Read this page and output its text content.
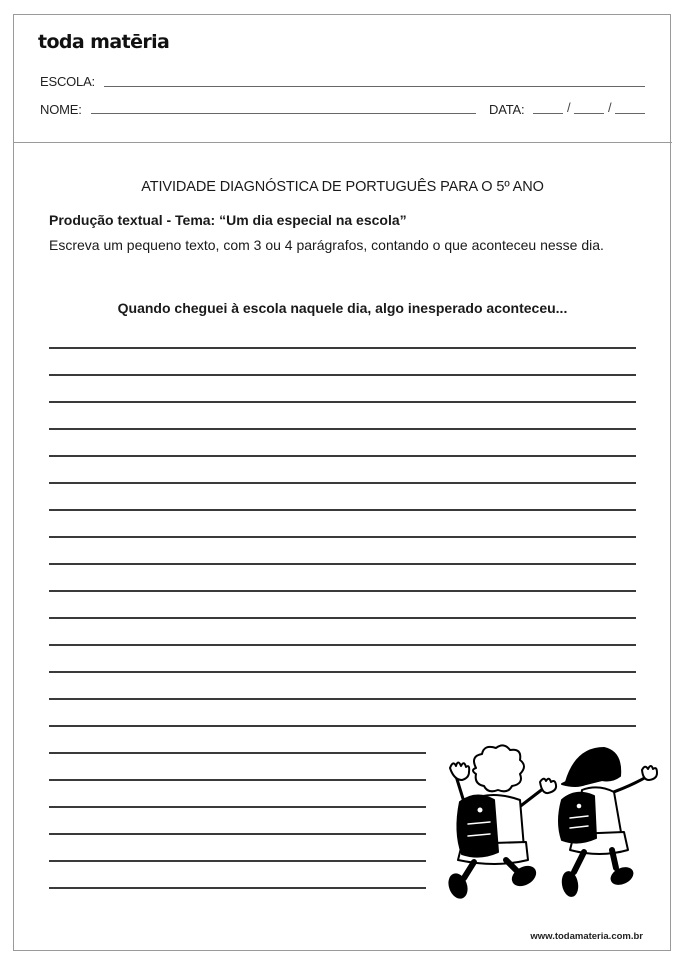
toda matēria
ESCOLA:
NOME:	DATA:	/	/
ATIVIDADE DIAGNÓSTICA DE PORTUGUÊS PARA O 5º ANO
Produção textual - Tema: “Um dia especial na escola”
Escreva um pequeno texto, com 3 ou 4 parágrafos, contando o que aconteceu nesse dia.
Quando cheguei à escola naquele dia, algo inesperado aconteceu...
www.todamateria.com.br
